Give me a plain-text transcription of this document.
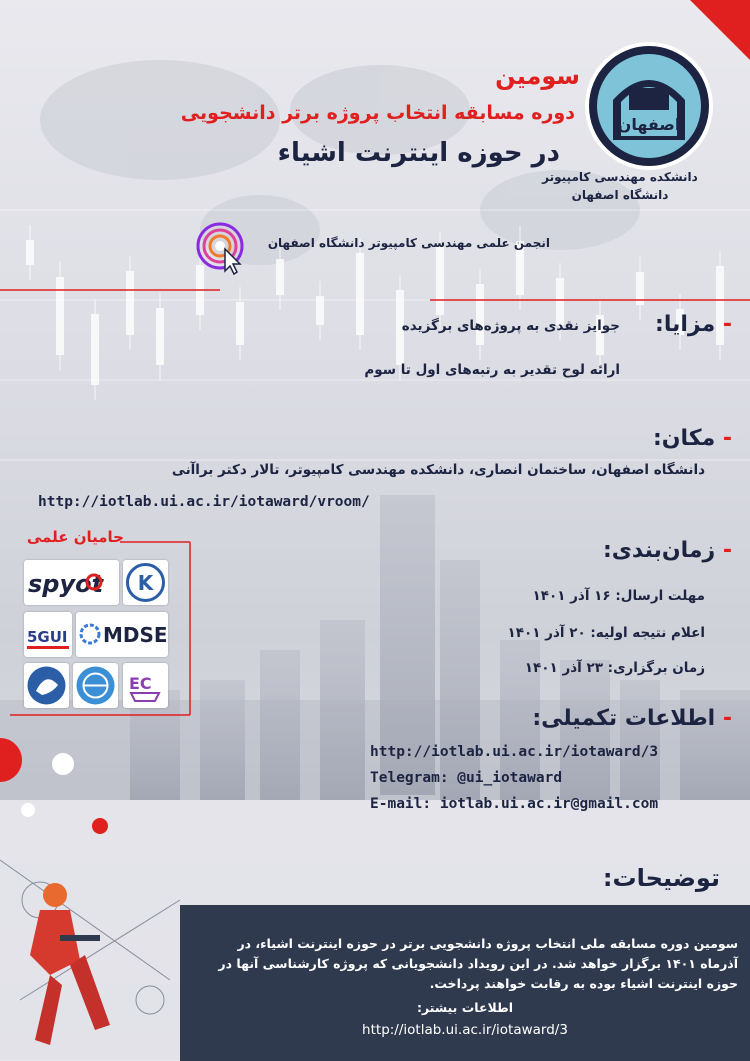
سومین
دوره مسابقه انتخاب پروژه برتر دانشجویی
در حوزه اینترنت اشیاء
اصفهان
دانشکده مهندسی کامپیوتر
دانشگاه اصفهان
انجمن علمی مهندسی کامپیوتر دانشگاه اصفهان
- مزایا:
جوایز نقدی به پروژه‌های برگزیده
ارائه لوح تقدیر به رتبه‌های اول تا سوم
- مکان:
دانشگاه اصفهان، ساختمان انصاری، دانشکده مهندسی کامپیوتر، تالار دکتر براآنی
http://iotlab.ui.ac.ir/iotaward/vroom/
حامیان علمی
spyot K
5GUI MDSE
EC
- زمان‌بندی:
مهلت ارسال: ۱۶ آذر ۱۴۰۱
اعلام نتیجه اولیه: ۲۰ آذر ۱۴۰۱
زمان برگزاری: ۲۳ آذر ۱۴۰۱
- اطلاعات تکمیلی:
http://iotlab.ui.ac.ir/iotaward/3
Telegram: @ui_iotaward
E-mail: iotlab.ui.ac.ir@gmail.com
توضیحات:
سومین دوره مسابقه ملی انتخاب پروژه دانشجویی برتر در حوزه اینترنت اشیاء، در آذرماه ۱۴۰۱ برگزار خواهد شد. در این رویداد دانشجویانی که پروژه کارشناسی آنها در حوزه اینترنت اشیاء بوده به رقابت خواهند پرداخت.
اطلاعات بیشتر:
http://iotlab.ui.ac.ir/iotaward/3
